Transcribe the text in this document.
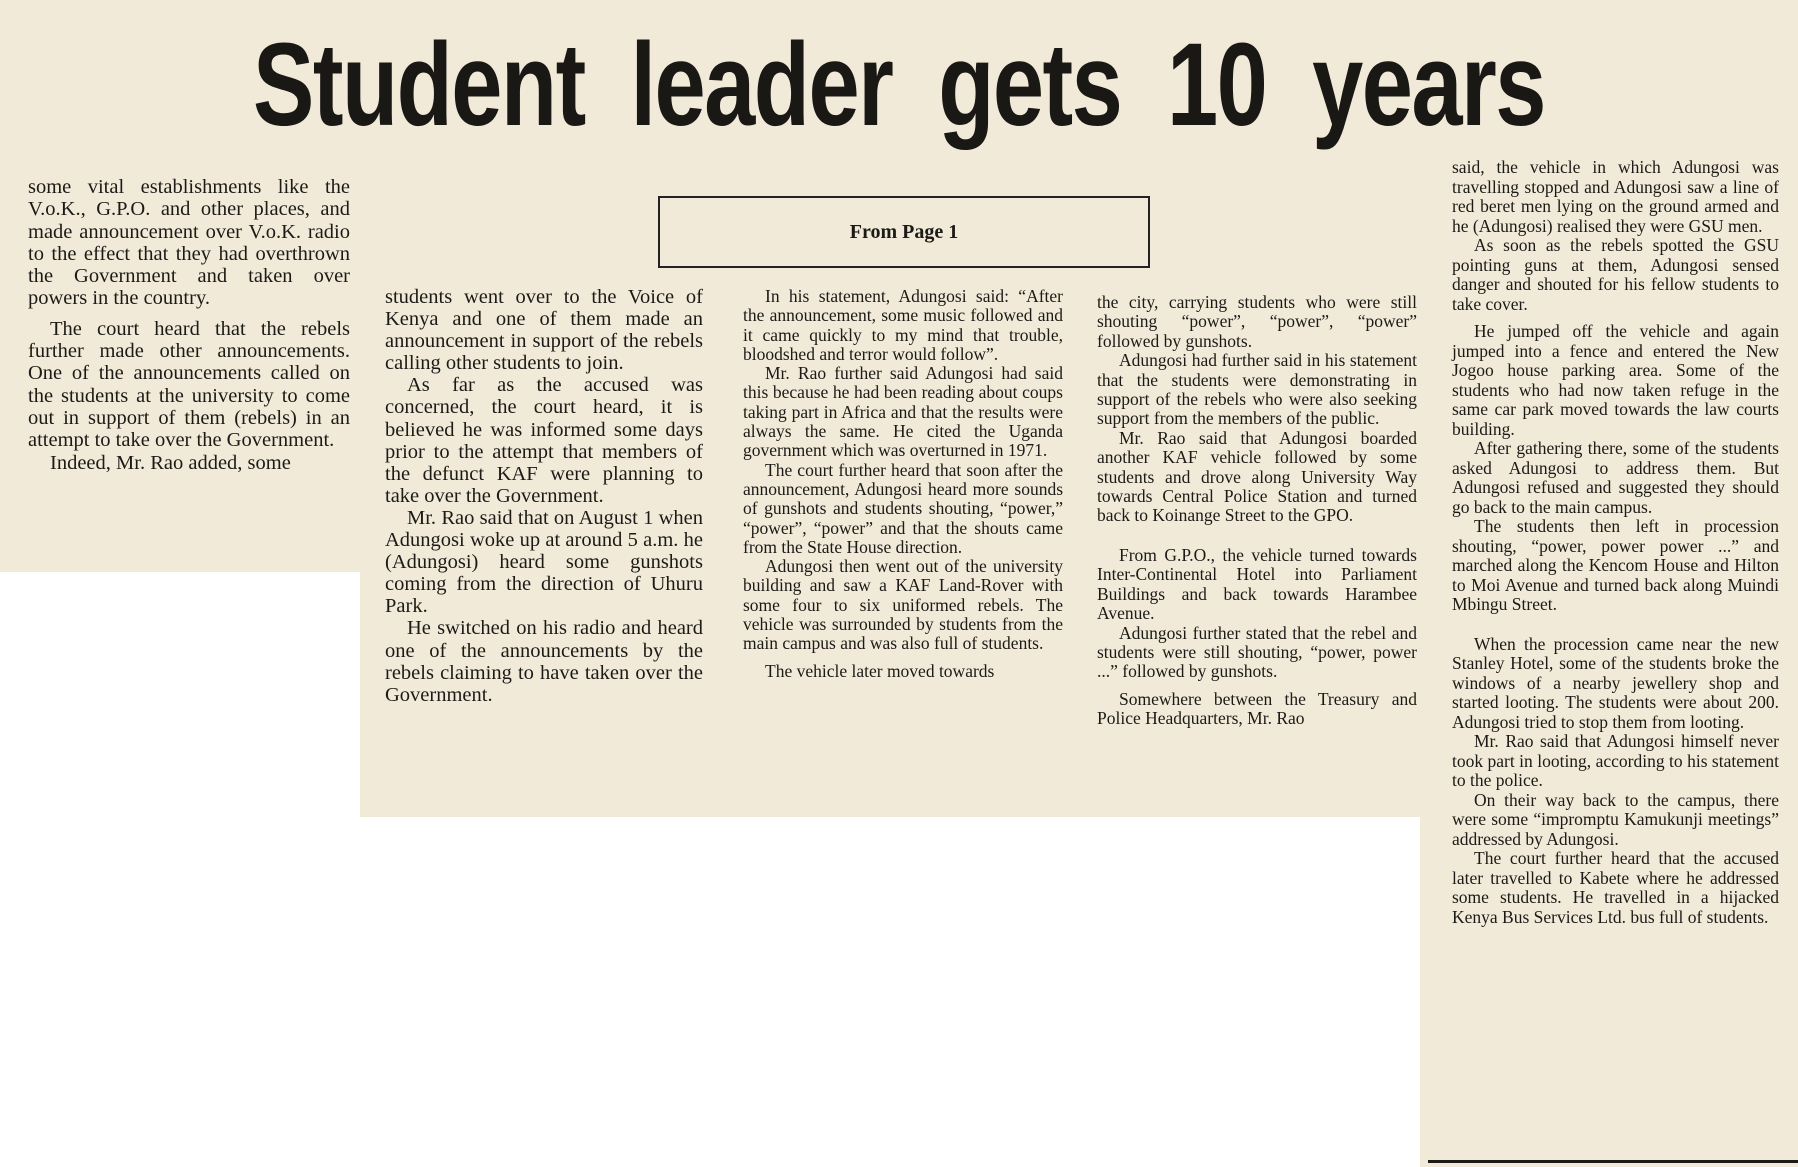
Student leader gets 10 years
From Page 1

some vital establishments like the V.o.K., G.P.O. and other places, and made announcement over V.o.K. radio to the effect that they had overthrown the Government and taken over powers in the country.

The court heard that the rebels further made other announcements. One of the announcements called on the students at the university to come out in support of them (rebels) in an attempt to take over the Government.

Indeed, Mr. Rao added, some

students went over to the Voice of Kenya and one of them made an announcement in support of the rebels calling other students to join.

As far as the accused was concerned, the court heard, it is believed he was informed some days prior to the attempt that members of the defunct KAF were planning to take over the Government.

Mr. Rao said that on August 1 when Adungosi woke up at around 5 a.m. he (Adungosi) heard some gunshots coming from the direction of Uhuru Park.

He switched on his radio and heard one of the announcements by the rebels claiming to have taken over the Government.

In his statement, Adungosi said: “After the announcement, some music followed and it came quickly to my mind that trouble, bloodshed and terror would follow”.

Mr. Rao further said Adungosi had said this because he had been reading about coups taking part in Africa and that the results were always the same. He cited the Uganda government which was overturned in 1971.

The court further heard that soon after the announcement, Adungosi heard more sounds of gunshots and students shouting, “power,” “power”, “power” and that the shouts came from the State House direction.

Adungosi then went out of the university building and saw a KAF Land-Rover with some four to six uniformed rebels. The vehicle was surrounded by students from the main campus and was also full of students.

The vehicle later moved towards

the city, carrying students who were still shouting “power”, “power”, “power” followed by gunshots.

Adungosi had further said in his statement that the students were demonstrating in support of the rebels who were also seeking support from the members of the public.

Mr. Rao said that Adungosi boarded another KAF vehicle followed by some students and drove along University Way towards Central Police Station and turned back to Koinange Street to the GPO.

From G.P.O., the vehicle turned towards Inter-Continental Hotel into Parliament Buildings and back towards Harambee Avenue.

Adungosi further stated that the rebel and students were still shouting, “power, power ...” followed by gunshots.

Somewhere between the Treasury and Police Headquarters, Mr. Rao

said, the vehicle in which Adungosi was travelling stopped and Adungosi saw a line of red beret men lying on the ground armed and he (Adungosi) realised they were GSU men.

As soon as the rebels spotted the GSU pointing guns at them, Adungosi sensed danger and shouted for his fellow students to take cover.

He jumped off the vehicle and again jumped into a fence and entered the New Jogoo house parking area. Some of the students who had now taken refuge in the same car park moved towards the law courts building.

After gathering there, some of the students asked Adungosi to address them. But Adungosi refused and suggested they should go back to the main campus.

The students then left in procession shouting, “power, power power ...” and marched along the Kencom House and Hilton to Moi Avenue and turned back along Muindi Mbingu Street.

When the procession came near the new Stanley Hotel, some of the students broke the windows of a nearby jewellery shop and started looting. The students were about 200. Adungosi tried to stop them from looting.

Mr. Rao said that Adungosi himself never took part in looting, according to his statement to the police.

On their way back to the campus, there were some “impromptu Kamukunji meetings” addressed by Adungosi.

The court further heard that the accused later travelled to Kabete where he addressed some students. He travelled in a hijacked Kenya Bus Services Ltd. bus full of students.
